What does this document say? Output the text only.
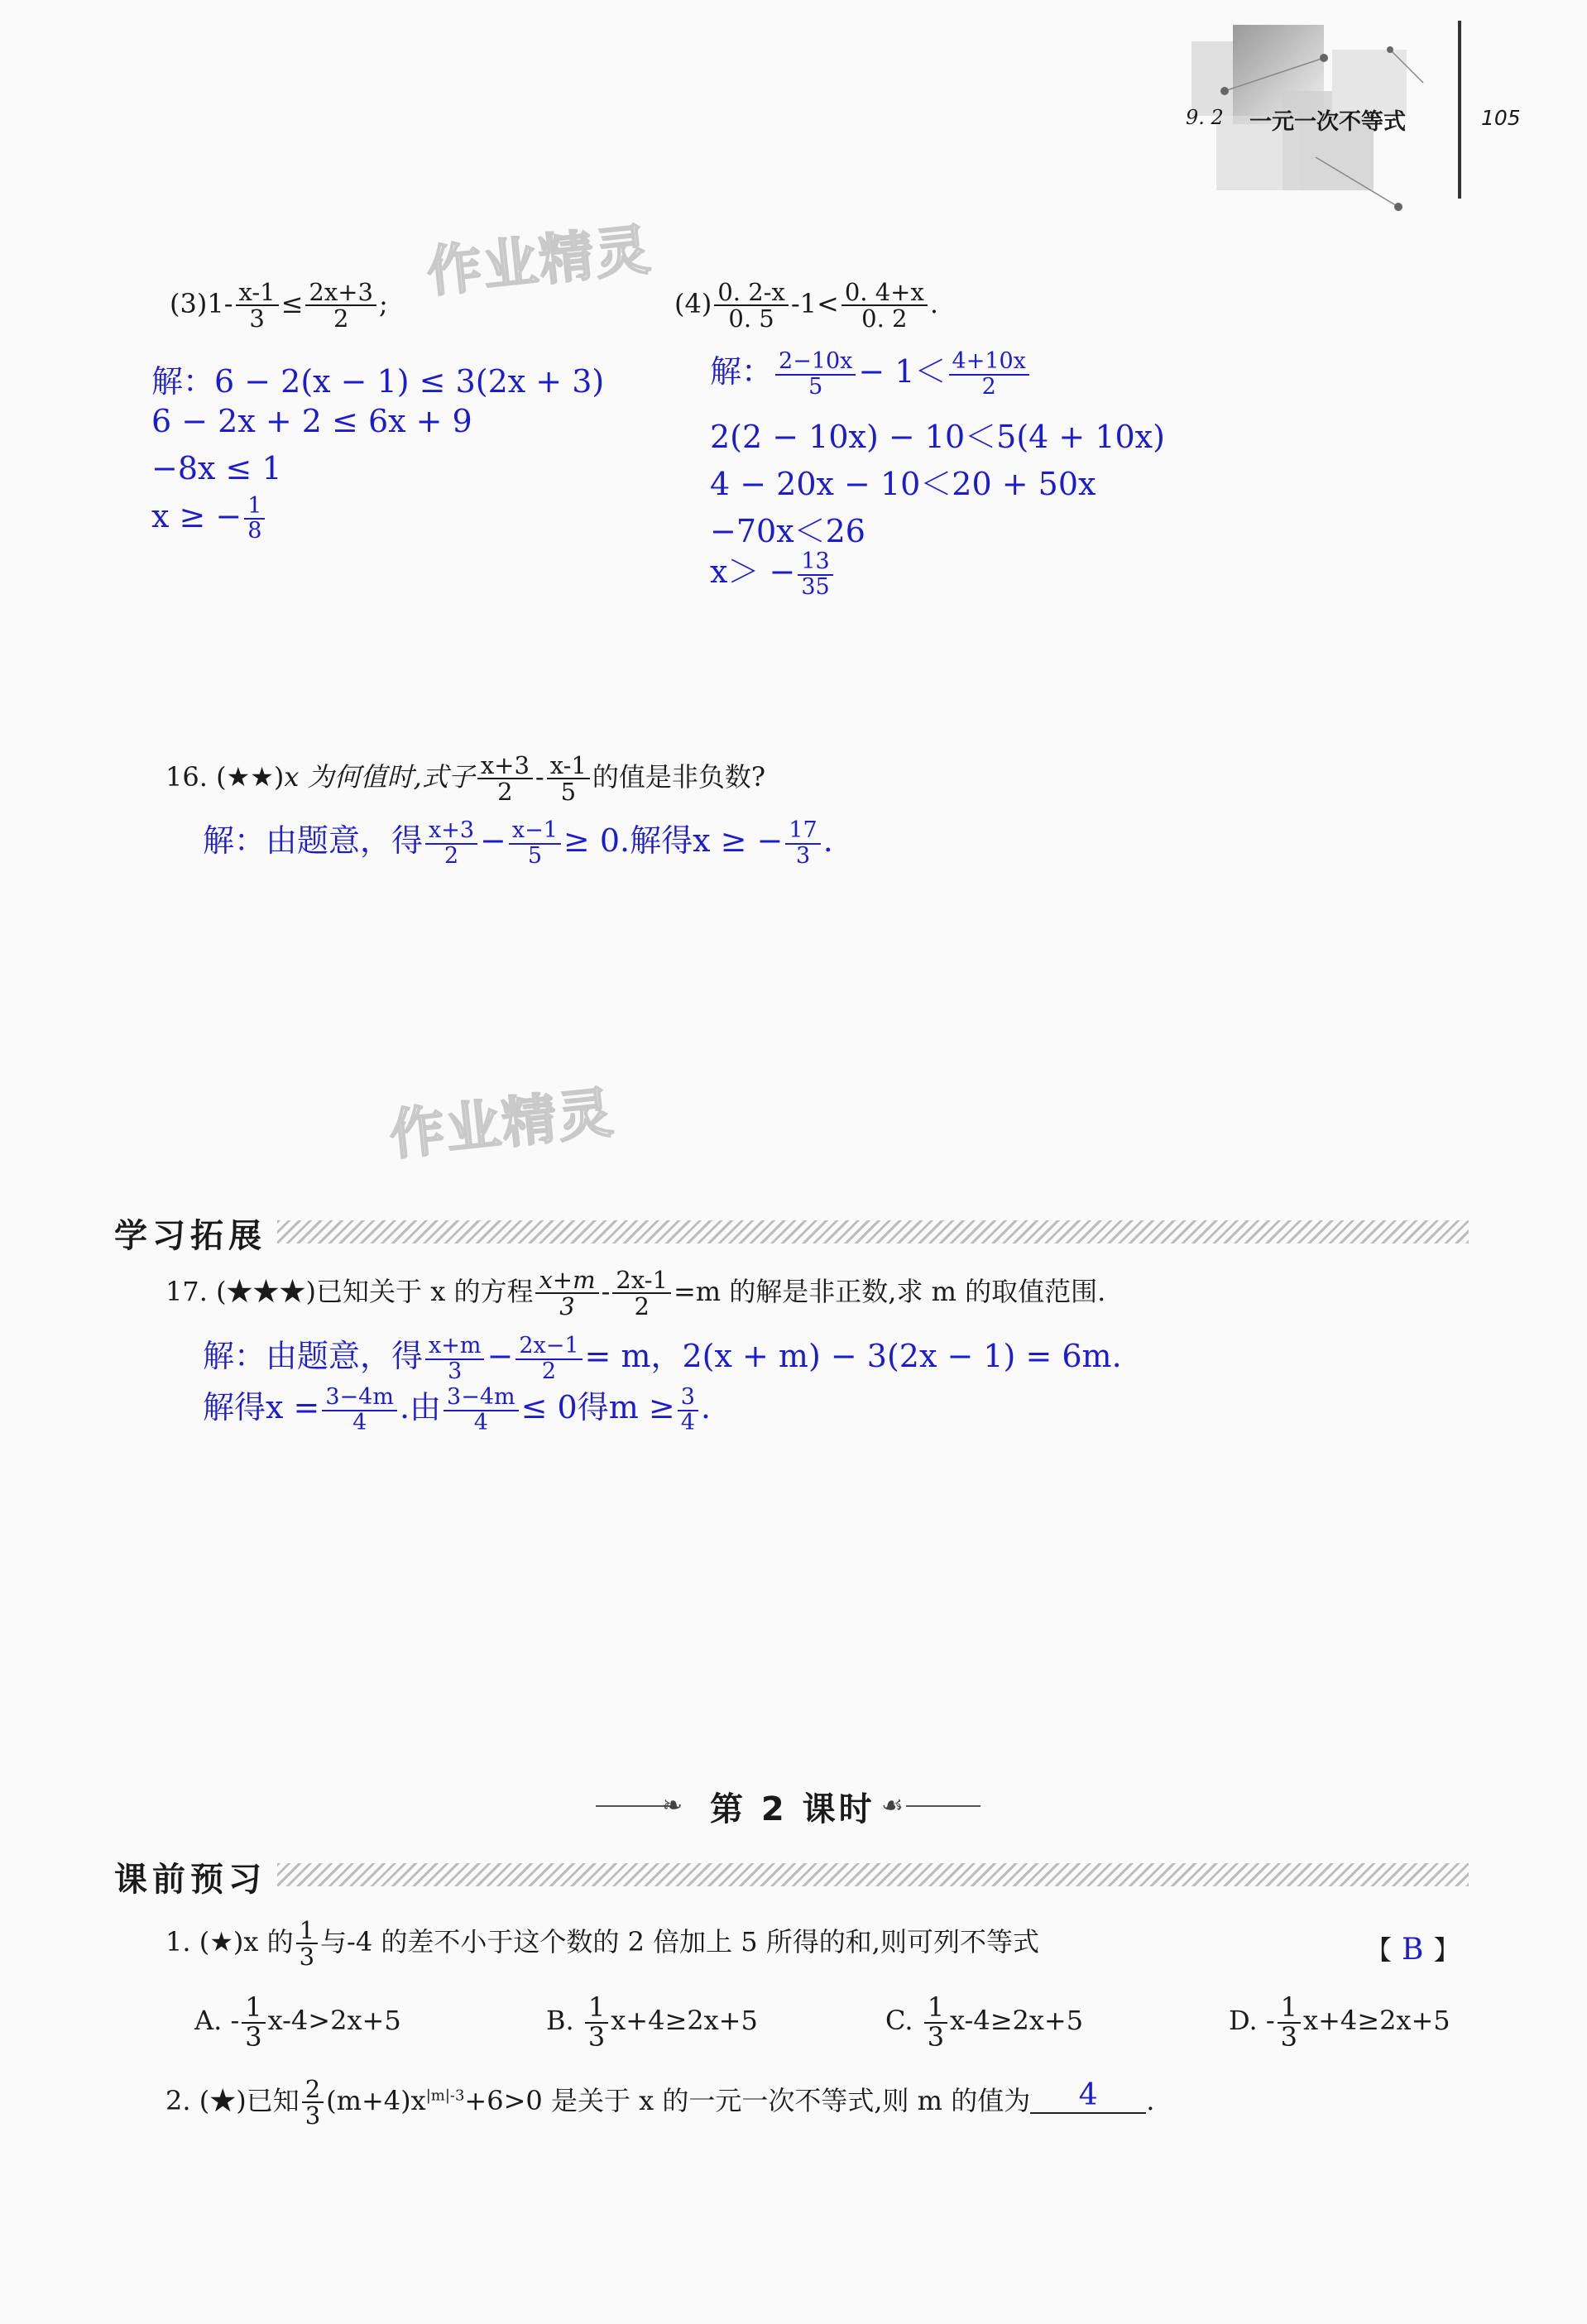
9. 2 一元一次不等式	105
作业精灵
作业精灵
$(3)1- \frac{x-1}{3} \le \frac{2x+3}{2}$ ;
解：6 − 2(x − 1) ≤ 3(2x + 3)
6 − 2x + 2 ≤ 6x + 9
−8x ≤ 1
x ≥ − $\frac{1}{8}$
$(4) \frac{0. 2-x}{0. 5} -1< \frac{0. 4+x}{0. 2}$ .
解： $\frac{2-10x}{5} - 1< \frac{4+10x}{2}$
2(2 − 10x) − 10＜5(4 + 10x)
4 − 20x − 10＜20 + 50x
−70x＜26
$x> - \frac{13}{35}$
16. (★★)x 为何值时,式子 $\frac{x+3}{2} - \frac{x-1}{5}$ 的值是非负数?
解：由题意，得 $\frac{x+3}{2} - \frac{x-1}{5} \ge 0$.解得x ≥ − $\frac{17}{3}$ .
学习拓展
17. (★★★)已知关于 x 的方程 $\frac{x+m}{3} - \frac{2x-1}{2} =m$ 的解是非正数,求 m 的取值范围.
解：由题意，得 $\frac{x+m}{3} - \frac{2x-1}{2} = m$，2(x + m) − 3(2x − 1) = 6m.
解得$x = \frac{3-4m}{4}$ .由 $\frac{3-4m}{4} \le 0$得$m \ge \frac{3}{4}$ .
❧ 第 2 课时 ☙
课前预习
1. (★)x 的 $\frac{1}{3}$ 与-4 的差不小于这个数的 2 倍加上 5 所得的和,则可列不等式	【 B 】
A. - $\frac{1}{3} x-4>2x+5$	B. $\frac{1}{3} x+4\ge 2x+5$	C. $\frac{1}{3} x-4\ge 2x+5$	D. - $\frac{1}{3} x+4\ge 2x+5$
2. (★)已知 $\frac{2}{3} (m+4)x^{|m|-3}+6>0$ 是关于 x 的一元一次不等式,则 m 的值为 4 .
